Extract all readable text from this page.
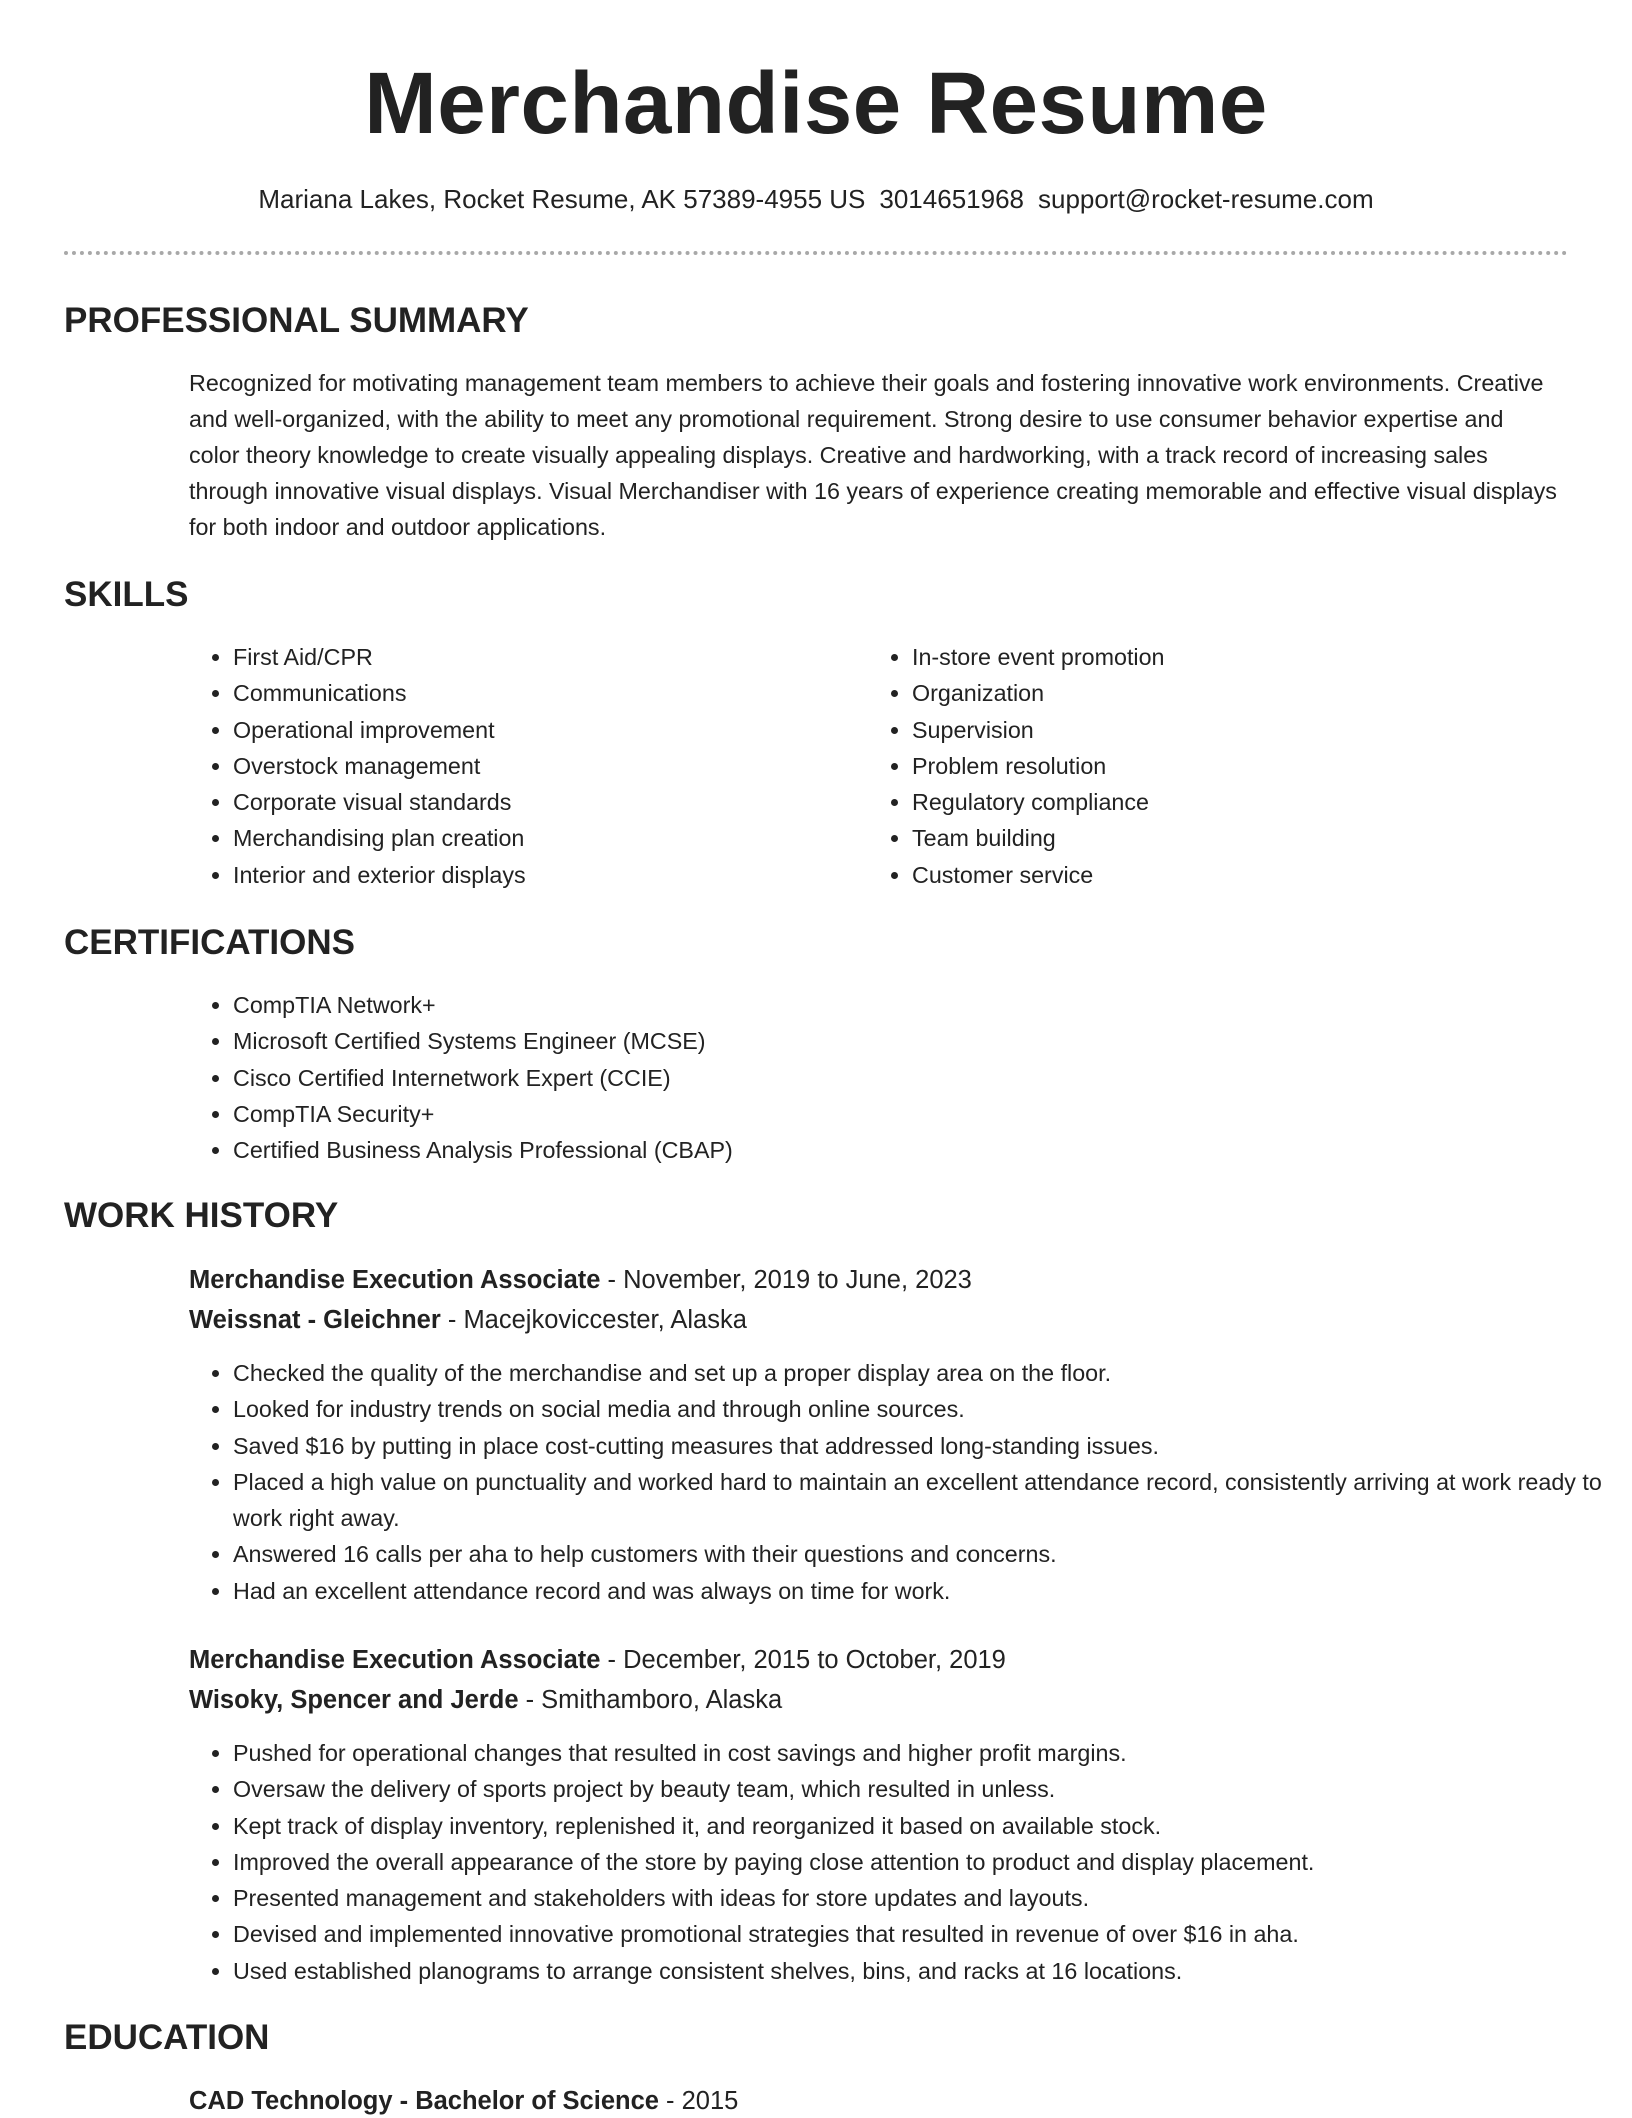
Merchandise Resume
Mariana Lakes, Rocket Resume, AK 57389-4955 US 3014651968 support@rocket-resume.com
PROFESSIONAL SUMMARY

Recognized for motivating management team members to achieve their goals and fostering innovative work environments. Creative and well-organized, with the ability to meet any promotional requirement. Strong desire to use consumer behavior expertise and color theory knowledge to create visually appealing displays. Creative and hardworking, with a track record of increasing sales through innovative visual displays. Visual Merchandiser with 16 years of experience creating memorable and effective visual displays for both indoor and outdoor applications.

SKILLS
• First Aid/CPR
• Communications
• Operational improvement
• Overstock management
• Corporate visual standards
• Merchandising plan creation
• Interior and exterior displays
• In-store event promotion
• Organization
• Supervision
• Problem resolution
• Regulatory compliance
• Team building
• Customer service
CERTIFICATIONS
• CompTIA Network+
• Microsoft Certified Systems Engineer (MCSE)
• Cisco Certified Internetwork Expert (CCIE)
• CompTIA Security+
• Certified Business Analysis Professional (CBAP)
WORK HISTORY
Merchandise Execution Associate - November, 2019 to June, 2023
Weissnat - Gleichner - Macejkoviccester, Alaska
• Checked the quality of the merchandise and set up a proper display area on the floor.
• Looked for industry trends on social media and through online sources.
• Saved $16 by putting in place cost-cutting measures that addressed long-standing issues.
• Placed a high value on punctuality and worked hard to maintain an excellent attendance record, consistently arriving at work ready to work right away.
• Answered 16 calls per aha to help customers with their questions and concerns.
• Had an excellent attendance record and was always on time for work.
Merchandise Execution Associate - December, 2015 to October, 2019
Wisoky, Spencer and Jerde - Smithamboro, Alaska
• Pushed for operational changes that resulted in cost savings and higher profit margins.
• Oversaw the delivery of sports project by beauty team, which resulted in unless.
• Kept track of display inventory, replenished it, and reorganized it based on available stock.
• Improved the overall appearance of the store by paying close attention to product and display placement.
• Presented management and stakeholders with ideas for store updates and layouts.
• Devised and implemented innovative promotional strategies that resulted in revenue of over $16 in aha.
• Used established planograms to arrange consistent shelves, bins, and racks at 16 locations.
EDUCATION
CAD Technology - Bachelor of Science - 2015
